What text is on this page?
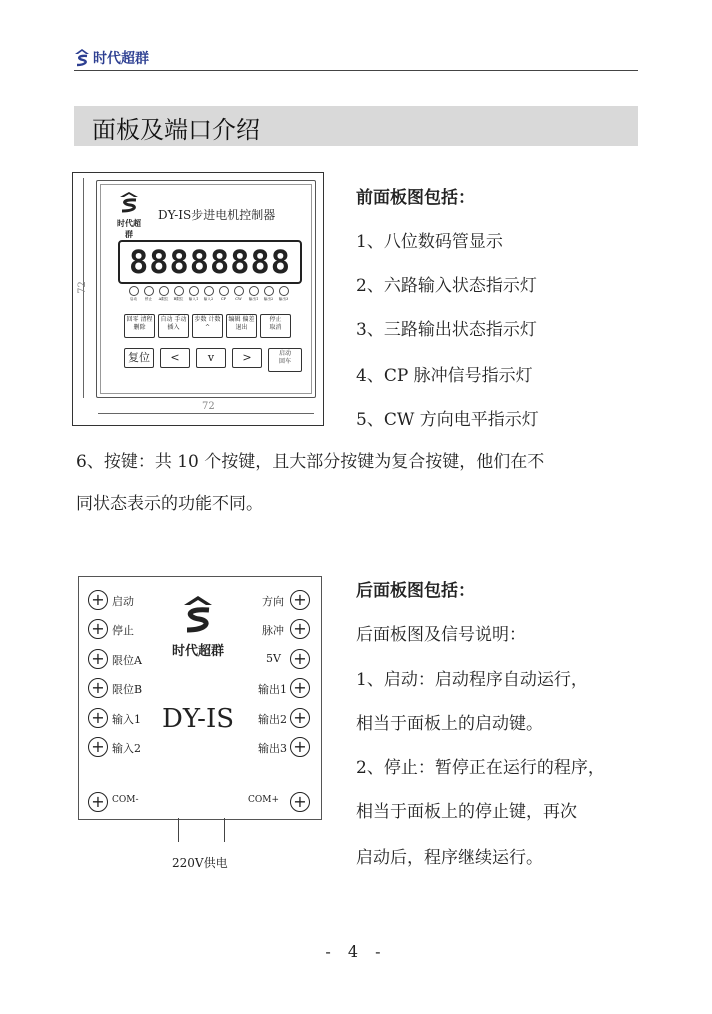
时代超群
面板及端口介绍
72
72
时代超群
DY-IS步进电机控制器
88888888
启动	停止	A限位 B限位 输入1 输入2	CP	CW	输出1 输出2 输出3
回零 清程
删除
自动 手动
插入
步数 计数
^
编辑 偏差
退出
停止
取消
复位	<	v	>	启动
回车
前面板图包括：
1、八位数码管显示
2、六路输入状态指示灯
3、三路输出状态指示灯
4、CP 脉冲信号指示灯
5、CW 方向电平指示灯
6、按键：共 10 个按键，且大部分按键为复合按键，他们在不
同状态表示的功能不同。
+ 启动
+ 停止
+ 限位A
+ 限位B
+ 输入1
+ 输入2
+
方向
+
脉冲
+
5V
+
输出1
+
输出2
+
输出3
+ COM-	+
COM+
时代超群
DY-IS
220V供电
后面板图包括：
后面板图及信号说明：
1、启动：启动程序自动运行，
相当于面板上的启动键。
2、停止：暂停正在运行的程序，
相当于面板上的停止键，再次
启动后，程序继续运行。
- 4 -
